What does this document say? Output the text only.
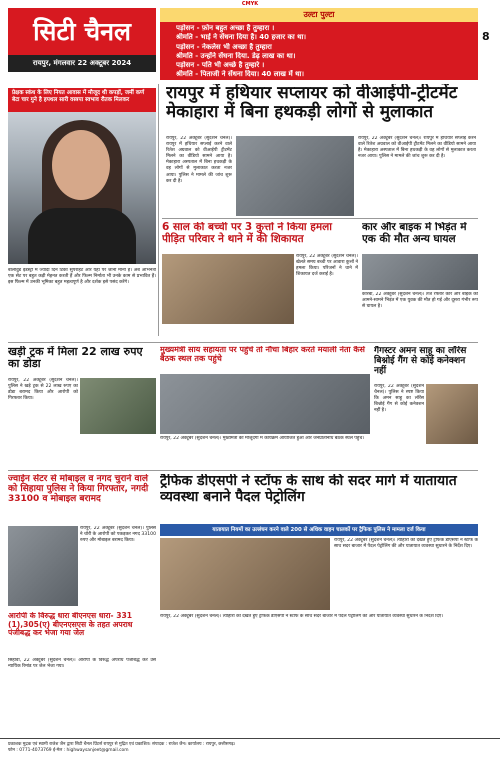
CMYK
सिटी चैनल
रायपुर, मंगलवार 22 अक्टूबर 2024
उल्टा पुल्टा
पड़ोसन - फ़ोन बहुत अच्छा है तुम्हारा ।
श्रीमति - भाई ने सेंधना दिया है। 40 हजार का था।
पड़ोसन - नेकलेस भी अच्छा है तुम्हारा
श्रीमति - उन्होंने सेंधना दिया. डेढ़ लाख का था।
पड़ोसन - पति भी अच्छे है तुम्हारे ।
श्रीमति - पिताजी ने सेंधना दिया। 40 लाख में था।
8
प्रेक्षक स्कंध के लिए नियत आवास में मौजूद थी कपड़ों, जमीं कर्ण बेटा चार गुने है हपथल सारी वस्त्रपा स्वभाव रौतक मिलकर
बॉलीवुड इंडस्ट्री में ज्यादा दिन टिकी सुपरहिट और यहाँ पर जानी मानी है। अब अभिनेत्री एक सेट पर बहुत कड़ी मेहनत करती हैं और फिल्म निर्माता भी उनके काम से प्रभावित हैं। इस फिल्म में उनकी भूमिका बहुत महत्वपूर्ण है और दर्शक इसे पसंद करेंगे।
रायपुर में हथियार सप्लायर को वीआईपी-ट्रीटमेंट मेकाहारा में बिना हथकड़ी लोगों से मुलाकात
रायपुर, 22 अक्टूबर (सुदर्शन चैनल)। रायपुर में हथियार सप्लाई करने वाले रितेश अग्रवाल को वीआईपी ट्रीटमेंट मिलने का वीडियो सामने आया है। मेकाहारा अस्पताल में बिना हथकड़ी के वह लोगों से मुलाकात करता नजर आया। पुलिस ने मामले की जांच शुरू कर दी है।
रायपुर, 22 अक्टूबर (सुदर्शन चैनल)। रायपुर में हथियार सप्लाई करने वाले रितेश अग्रवाल को वीआईपी ट्रीटमेंट मिलने का वीडियो सामने आया है। मेकाहारा अस्पताल में बिना हथकड़ी के वह लोगों से मुलाकात करता नजर आया। पुलिस ने मामले की जांच शुरू कर दी है।
6 साल की बच्ची पर 3 कुत्तों ने किया हमला पीड़ित परिवार ने थाने में की शिकायत
रायपुर, 22 अक्टूबर (सुदर्शन चैनल)। खेलते समय बच्ची पर आवारा कुत्तों ने हमला किया। परिजनों ने थाने में शिकायत दर्ज कराई है।
कार और बाइक में भिड़ंत में एक की मौत अन्य घायल
कोरबा, 22 अक्टूबर (सुदर्शन चैनल)। तेज रफ्तार कार और बाइक की आमने-सामने भिड़ंत में एक युवक की मौत हो गई और दूसरा गंभीर रूप से घायल है।
खड़ी ट्रक में मिला 22 लाख रुपए का डोडा
रायपुर, 22 अक्टूबर (सुदर्शन चैनल)। पुलिस ने खड़े ट्रक से 22 लाख रुपए का डोडा बरामद किया और आरोपी को गिरफ्तार किया।
मुख्यमंत्री साय सहायता पर पहुंचे तो नौचा बिहार करते मयाली नेता कैसे बैठक स्थल तक पहुंचे
रायपुर, 22 अक्टूबर (सुदर्शन चैनल)। मुख्यमंत्री की मौजूदगी में कार्यक्रम आयोजित हुआ और जनप्रतिनिधि बैठक स्थल पहुंचे।
गैंगस्टर अमन साहू का लॉरेंस बिश्नोई गैंग से कोई कनेक्शन नहीं
रायपुर, 22 अक्टूबर (सुदर्शन चैनल)। पुलिस ने स्पष्ट किया कि अमन साहू का लॉरेंस बिश्नोई गैंग से कोई कनेक्शन नहीं है।
ज्वाईन सेंटर से मोबाइल व नगद चुराने वाले को सिहाया पुलिस ने किया गिरफ्तार, नगदी 33100 व मोबाइल बरामद
रायपुर, 22 अक्टूबर (सुदर्शन चैनल)। पुलिस ने चोरी के आरोपी को पकड़कर नगद 33100 रुपए और मोबाइल बरामद किया।
आरोपी के विरुद्ध धारा बीएनएस धारा- 331 (1),305(ए) बीएनएसएस के तहत अपराध पंजीबद्ध कर भेजा गया जेल
सिहावा, 22 अक्टूबर (सुदर्शन चैनल)। आरोपी के विरुद्ध अपराध पंजीबद्ध कर उसे न्यायिक रिमांड पर जेल भेजा गया।
ट्रैफिक डीएसपी ने स्टॉफ के साथ की सदर मार्ग में यातायात व्यवस्था बनाने पैदल पेट्रोलिंग
यातायात नियमों का उल्लंघन करने वाले 200 से अधिक वाहन चालकों पर ट्रैफिक पुलिस ने मामला दर्ज किया
रायपुर, 22 अक्टूबर (सुदर्शन चैनल)। त्योहारों को देखते हुए ट्रैफिक डीएसपी ने स्टॉफ के साथ सदर बाजार में पैदल पेट्रोलिंग की और यातायात व्यवस्था सुधारने के निर्देश दिए।
रायपुर, 22 अक्टूबर (सुदर्शन चैनल)। त्योहारों को देखते हुए ट्रैफिक डीएसपी ने स्टॉफ के साथ सदर बाजार में पैदल पेट्रोलिंग की और यातायात व्यवस्था सुधारने के निर्देश दिए।
प्रकाशक मुद्रक एवं स्वामी राजेश जैन द्वारा सिटी चैनल प्रिंटर्स रायपुर से मुद्रित एवं प्रकाशित। संपादक : राजेश जैन। कार्यालय : रायपुर, छत्तीसगढ़।
फोन : 0771-4073769 ई-मेल : highwaysanjeet@gmail.com
